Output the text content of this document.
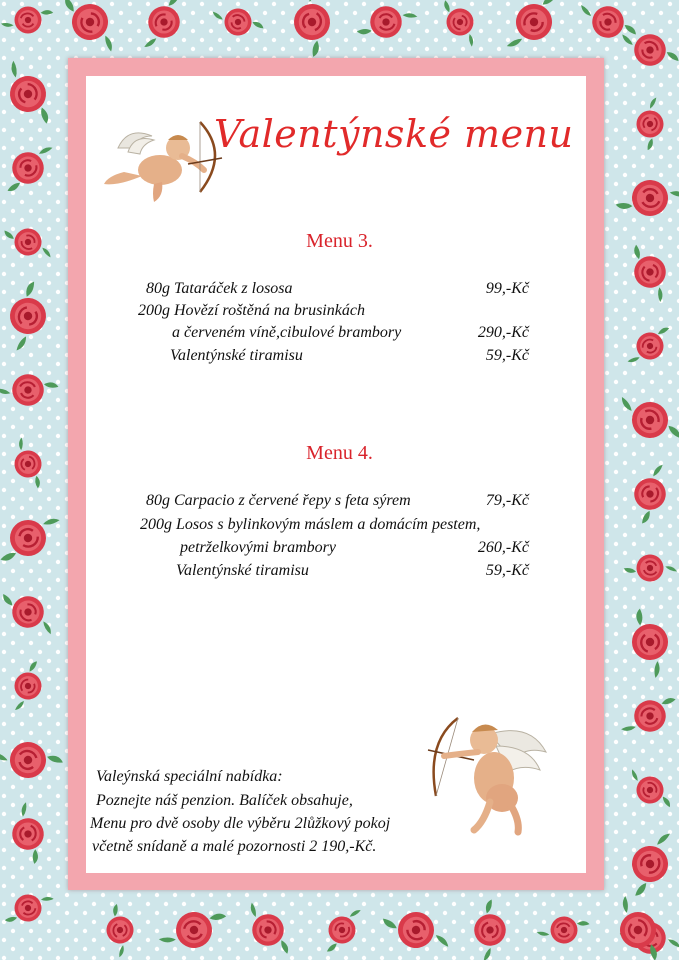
Valentýnské menu
Menu 3.
80g Tataráček z lososa	99,-Kč
200g Hovězí roštěná na brusinkách
a červeném víně,cibulové brambory	290,-Kč
Valentýnské tiramisu	59,-Kč
Menu 4.
80g Carpacio z červené řepy s feta sýrem	79,-Kč
200g Losos s bylinkovým máslem a domácím pestem,
petrželkovými brambory	260,-Kč
Valentýnské tiramisu	59,-Kč
Valeýnská speciální nabídka:
Poznejte náš penzion. Balíček obsahuje,
Menu pro dvě osoby dle výběru 2lůžkový pokoj
včetně snídaně a malé pozornosti 2 190,-Kč.
